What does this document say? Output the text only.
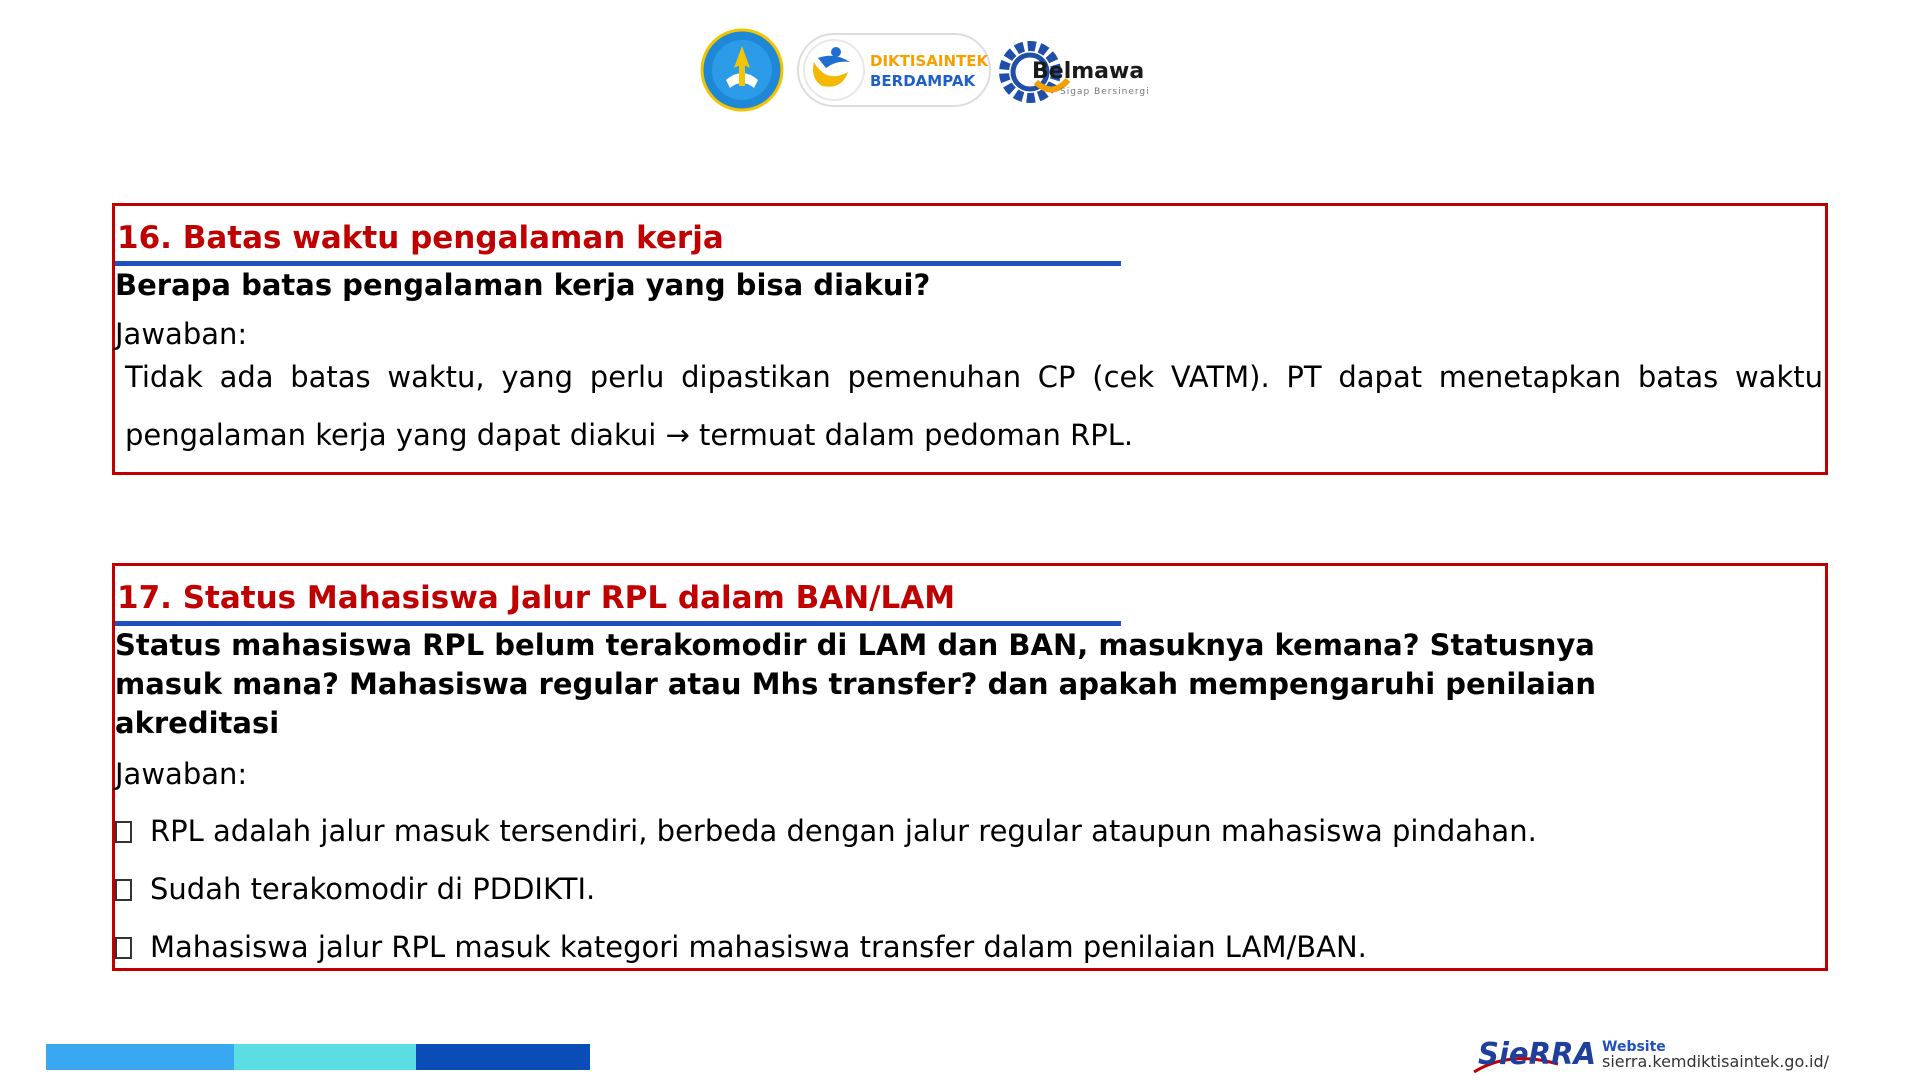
DIKTISAINTEK
BERDAMPAK	Belmawa
Sigap Bersinergi
16. Batas waktu pengalaman kerja
Berapa batas pengalaman kerja yang bisa diakui?
Jawaban:
Tidak ada batas waktu, yang perlu dipastikan pemenuhan CP (cek VATM). PT dapat menetapkan batas waktu pengalaman kerja yang dapat diakui → termuat dalam pedoman RPL.
17. Status Mahasiswa Jalur RPL dalam BAN/LAM
Status mahasiswa RPL belum terakomodir di LAM dan BAN, masuknya kemana? Statusnya
masuk mana? Mahasiswa regular atau Mhs transfer? dan apakah mempengaruhi penilaian
akreditasi
Jawaban:
RPL adalah jalur masuk tersendiri, berbeda dengan jalur regular ataupun mahasiswa pindahan.
Sudah terakomodir di PDDIKTI.
Mahasiswa jalur RPL masuk kategori mahasiswa transfer dalam penilaian LAM/BAN.
SieRRA Website
sierra.kemdiktisaintek.go.id/
